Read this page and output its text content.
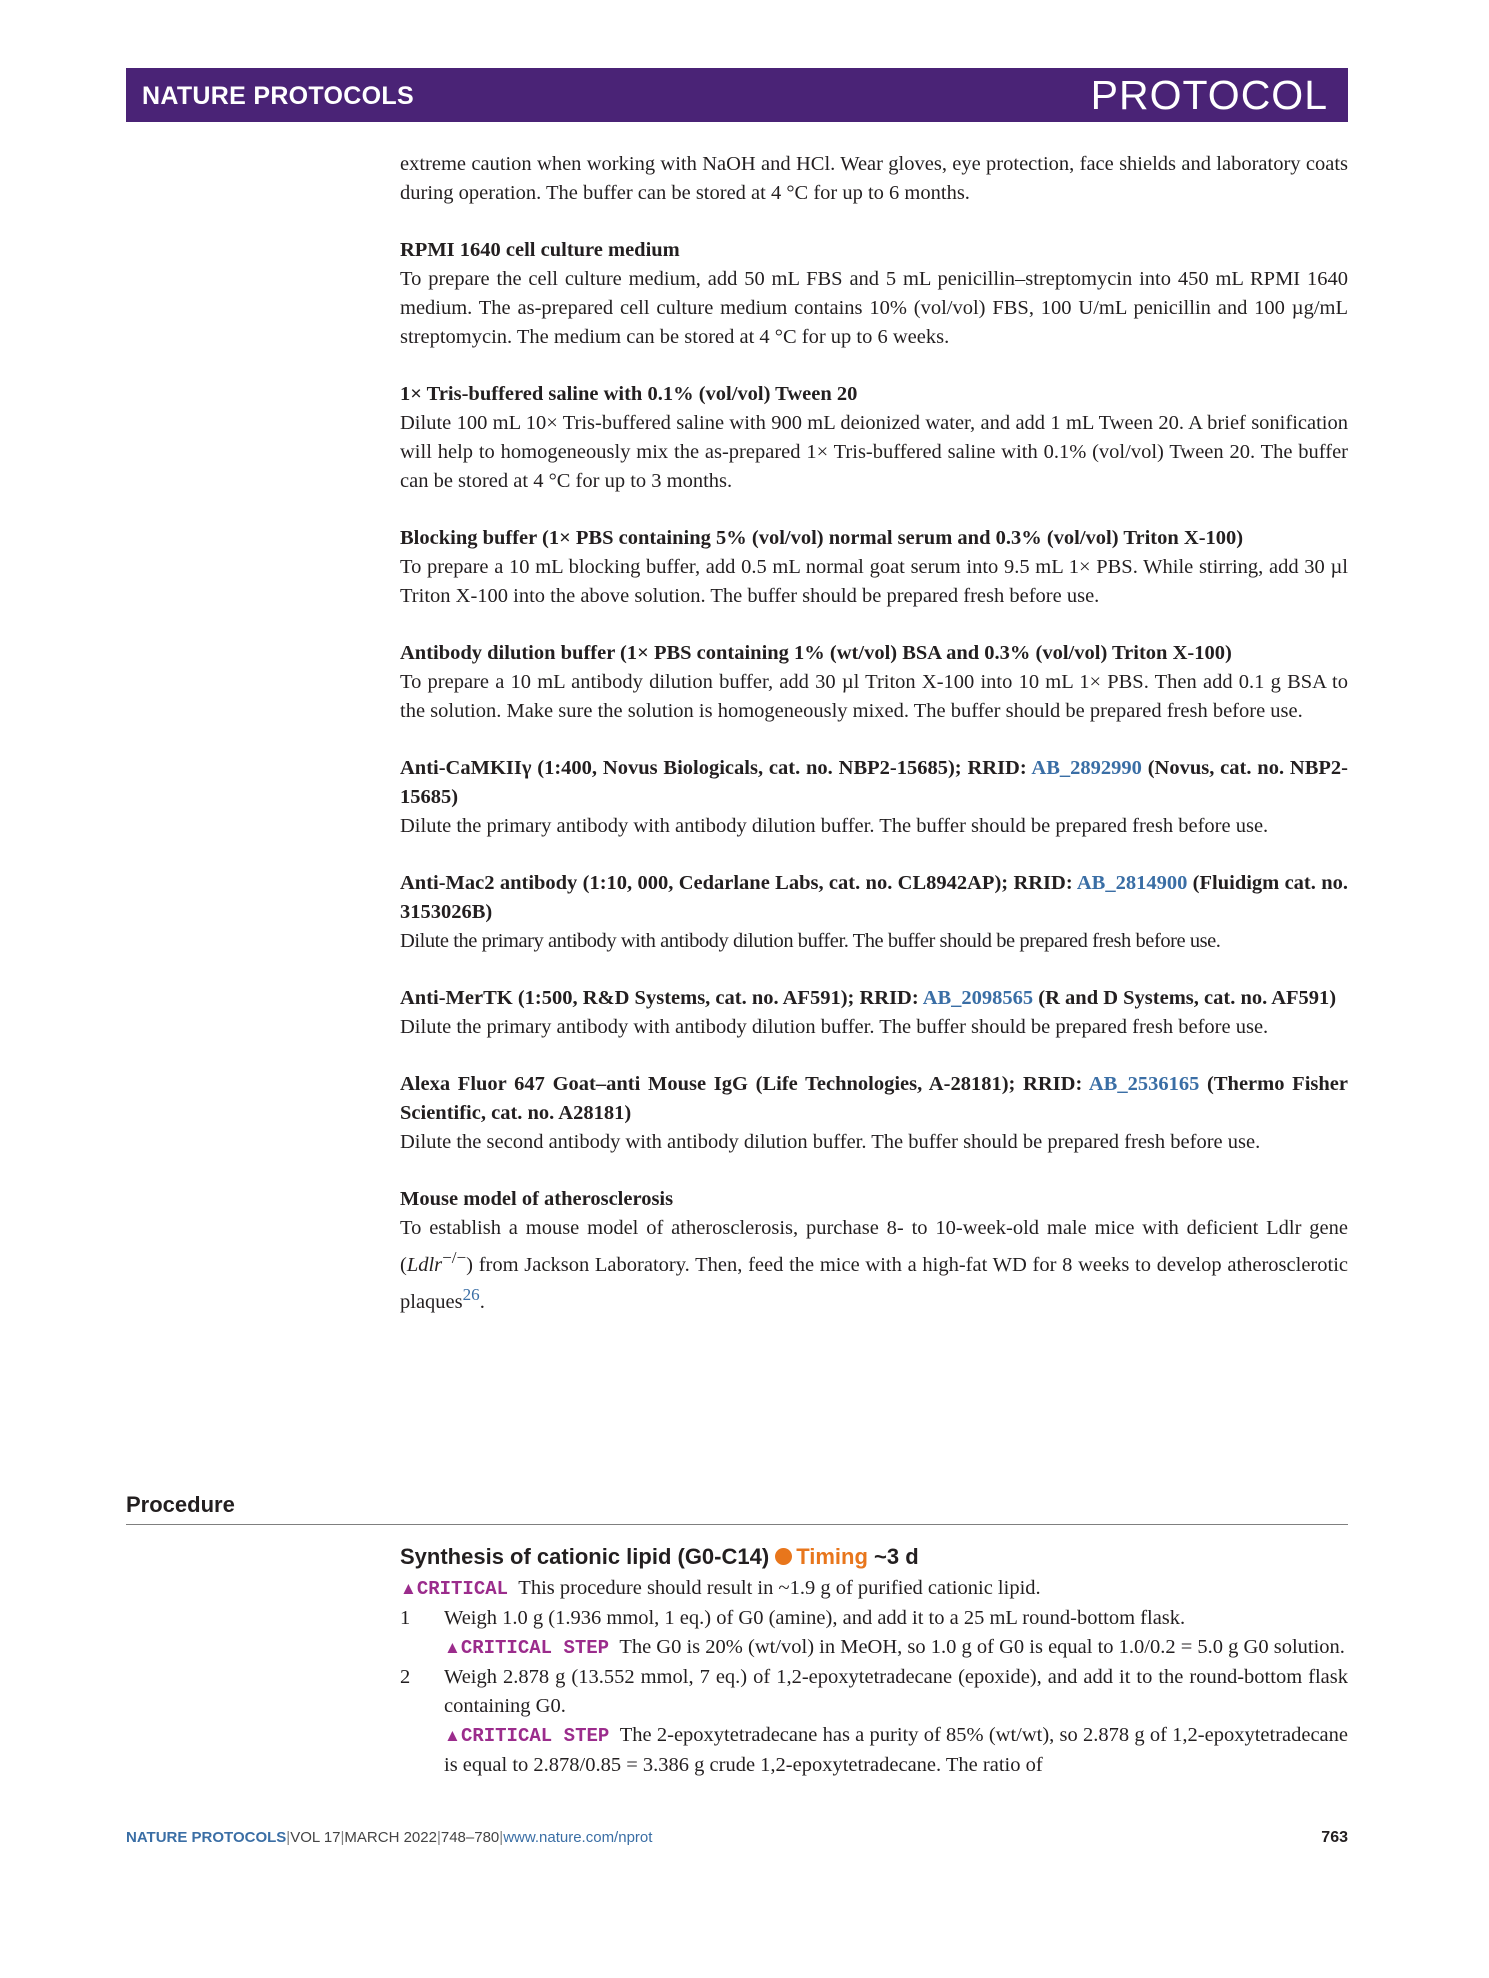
NATURE PROTOCOLS	PROTOCOL

extreme caution when working with NaOH and HCl. Wear gloves, eye protection, face shields and laboratory coats during operation. The buffer can be stored at 4 °C for up to 6 months.

RPMI 1640 cell culture medium

To prepare the cell culture medium, add 50 mL FBS and 5 mL penicillin–streptomycin into 450 mL RPMI 1640 medium. The as-prepared cell culture medium contains 10% (vol/vol) FBS, 100 U/mL penicillin and 100 µg/mL streptomycin. The medium can be stored at 4 °C for up to 6 weeks.

1× Tris-buffered saline with 0.1% (vol/vol) Tween 20

Dilute 100 mL 10× Tris-buffered saline with 900 mL deionized water, and add 1 mL Tween 20. A brief sonification will help to homogeneously mix the as-prepared 1× Tris-buffered saline with 0.1% (vol/vol) Tween 20. The buffer can be stored at 4 °C for up to 3 months.

Blocking buffer (1× PBS containing 5% (vol/vol) normal serum and 0.3% (vol/vol) Triton X-100)

To prepare a 10 mL blocking buffer, add 0.5 mL normal goat serum into 9.5 mL 1× PBS. While stirring, add 30 µl Triton X-100 into the above solution. The buffer should be prepared fresh before use.

Antibody dilution buffer (1× PBS containing 1% (wt/vol) BSA and 0.3% (vol/vol) Triton X-100)

To prepare a 10 mL antibody dilution buffer, add 30 µl Triton X-100 into 10 mL 1× PBS. Then add 0.1 g BSA to the solution. Make sure the solution is homogeneously mixed. The buffer should be prepared fresh before use.

Anti-CaMKIIγ (1:400, Novus Biologicals, cat. no. NBP2-15685); RRID: AB_2892990 (Novus, cat. no. NBP2-15685)

Dilute the primary antibody with antibody dilution buffer. The buffer should be prepared fresh before use.

Anti-Mac2 antibody (1:10, 000, Cedarlane Labs, cat. no. CL8942AP); RRID: AB_2814900 (Fluidigm cat. no. 3153026B)

Dilute the primary antibody with antibody dilution buffer. The buffer should be prepared fresh before use.

Anti-MerTK (1:500, R&D Systems, cat. no. AF591); RRID: AB_2098565 (R and D Systems, cat. no. AF591)

Dilute the primary antibody with antibody dilution buffer. The buffer should be prepared fresh before use.

Alexa Fluor 647 Goat–anti Mouse IgG (Life Technologies, A-28181); RRID: AB_2536165 (Thermo Fisher Scientific, cat. no. A28181)

Dilute the second antibody with antibody dilution buffer. The buffer should be prepared fresh before use.

Mouse model of atherosclerosis

To establish a mouse model of atherosclerosis, purchase 8- to 10-week-old male mice with deficient Ldlr gene (Ldlr−/−) from Jackson Laboratory. Then, feed the mice with a high-fat WD for 8 weeks to develop atherosclerotic plaques$^{26}$.

Procedure
Synthesis of cationic lipid (G0-C14) Timing ~3 d

▲CRITICAL This procedure should result in ~1.9 g of purified cationic lipid.

1	Weigh 1.0 g (1.936 mmol, 1 eq.) of G0 (amine), and add it to a 25 mL round-bottom flask.
▲CRITICAL STEP The G0 is 20% (wt/vol) in MeOH, so 1.0 g of G0 is equal to 1.0/0.2 = 5.0 g G0 solution.
2	Weigh 2.878 g (13.552 mmol, 7 eq.) of 1,2-epoxytetradecane (epoxide), and add it to the round-bottom flask containing G0.
▲CRITICAL STEP The 2-epoxytetradecane has a purity of 85% (wt/wt), so 2.878 g of 1,2-epoxytetradecane is equal to 2.878/0.85 = 3.386 g crude 1,2-epoxytetradecane. The ratio of
NATURE PROTOCOLS|VOL 17|MARCH 2022|748–780|www.nature.com/nprot	763
